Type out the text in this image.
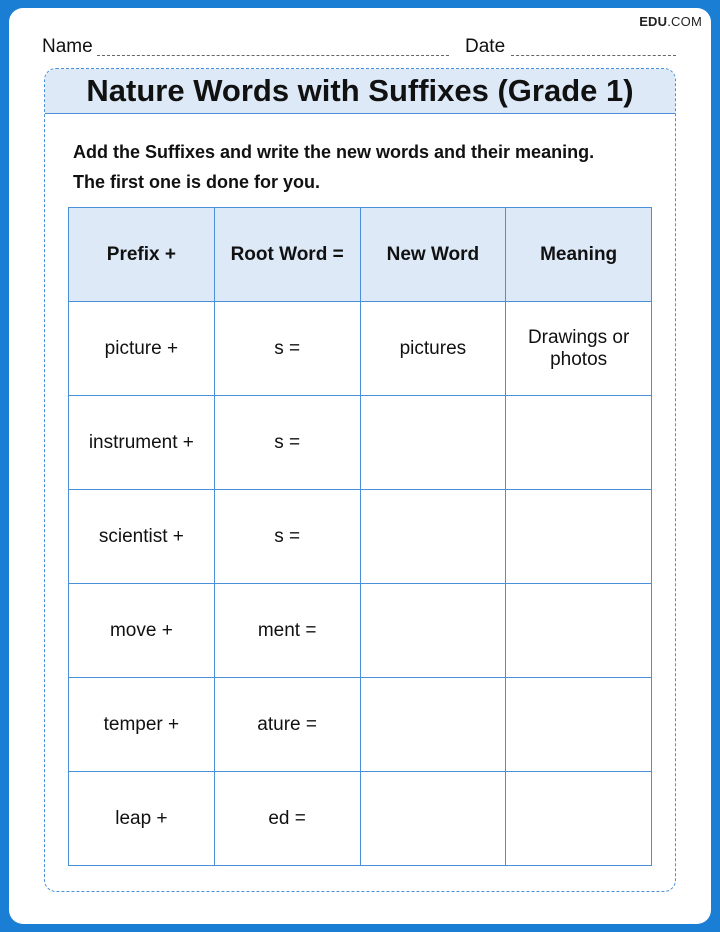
EDU.COM
Name	Date
Nature Words with Suffixes (Grade 1)
Add the Suffixes and write the new words and their meaning.
The first one is done for you.
Prefix +	Root Word =	New Word	Meaning
picture +	s =	pictures	Drawings or photos
instrument +	s =		
scientist +	s =		
move +	ment =		
temper +	ature =		
leap +	ed =		
